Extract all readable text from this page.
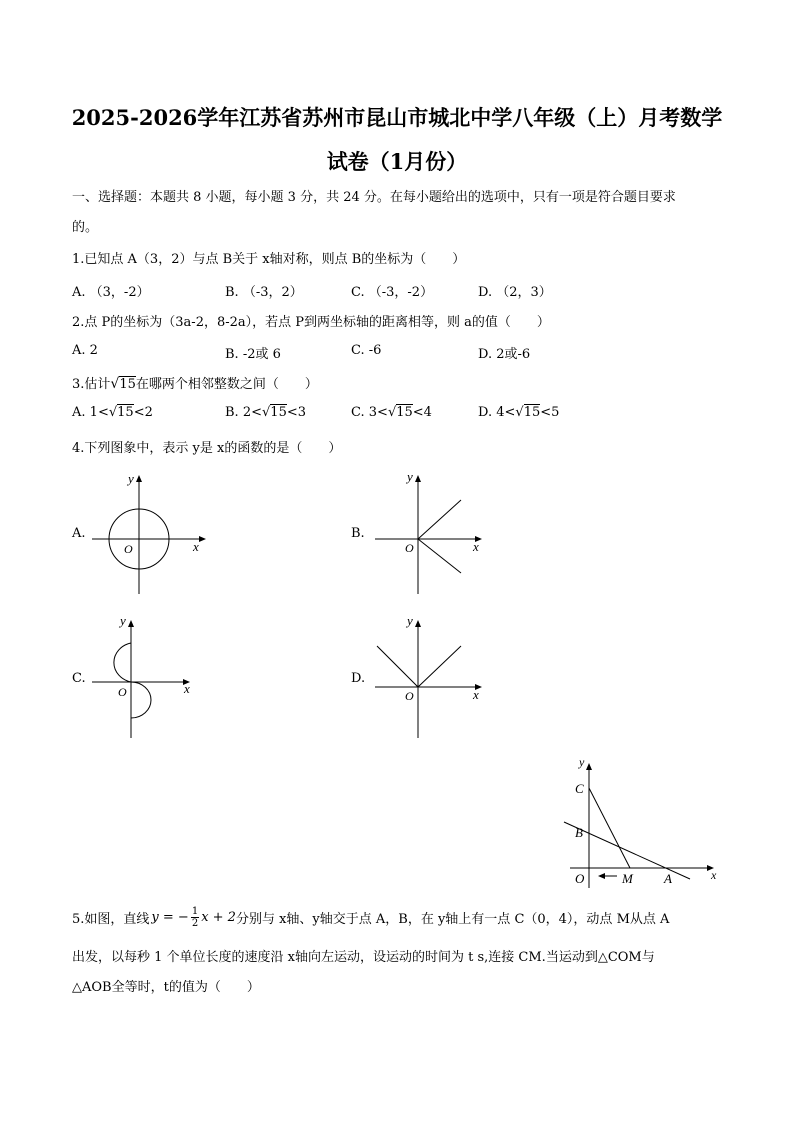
2025-2026学年江苏省苏州市昆山市城北中学八年级（上）月考数学
试卷（1月份）
一、选择题：本题共 8 小题，每小题 3 分，共 24 分。在每小题给出的选项中，只有一项是符合题目要求
的。
1.已知点 A（3，2）与点 B关于 x轴对称，则点 B的坐标为（　　）
A. （3，-2）	B. （-3，2）	C. （-3，-2）	D. （2，3）
2.点 P的坐标为（3a-2，8-2a），若点 P到两坐标轴的距离相等，则 a的值（　　）
A. 2	B. -2或 6	C. -6	D. 2或-6
3.估计√15在哪两个相邻整数之间（　　）
A. 1<√15<2	B. 2<√15<3	C. 3<√15<4	D. 4<√15<5
4.下列图象中，表示 y是 x的函数的是（　　）
A.
x
y
O
B.
x
y
O
C.
x
y
O
D.
x
y
O
y
x
C
B
O	M A
5.如图，直线 y = − $\frac{1}{2}$ x + 2 分别与 x轴、y轴交于点 A，B，在 y轴上有一点 C（0，4），动点 M从点 A
出发，以每秒 1 个单位长度的速度沿 x轴向左运动，设运动的时间为 t s,连接 CM.当运动到△COM与
△AOB全等时，t的值为（　　）
